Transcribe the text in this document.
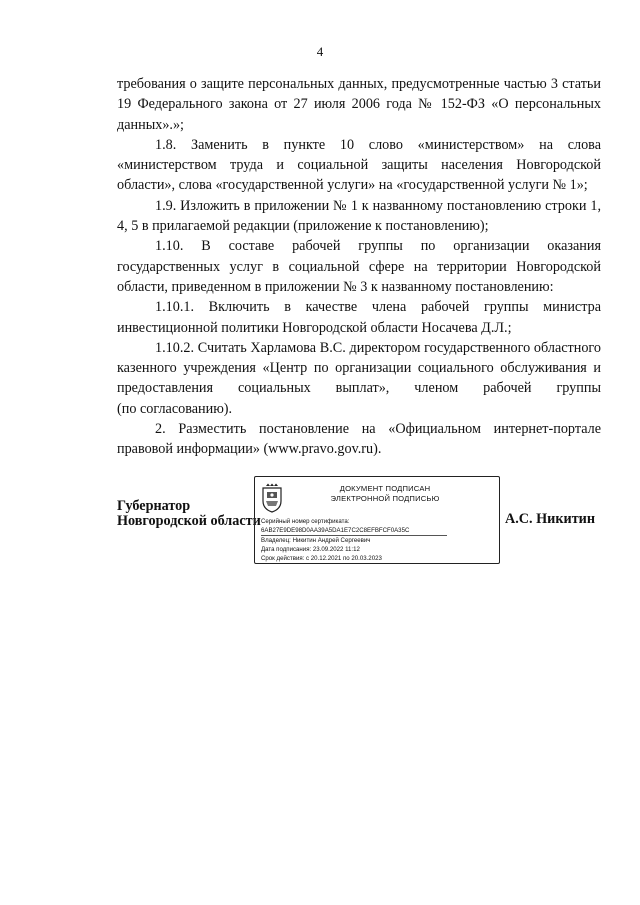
4

требования о защите персональных данных, предусмотренные частью 3 статьи 19 Федерального закона от 27 июля 2006 года № 152-ФЗ «О персональных данных».»;

1.8. Заменить в пункте 10 слово «министерством» на слова «министерством труда и социальной защиты населения Новгородской области», слова «государственной услуги» на «государственной услуги № 1»;

1.9. Изложить в приложении № 1 к названному постановлению строки 1, 4, 5 в прилагаемой редакции (приложение к постановлению);

1.10. В составе рабочей группы по организации оказания государственных услуг в социальной сфере на территории Новгородской области, приведенном в приложении № 3 к названному постановлению:

1.10.1. Включить в качестве члена рабочей группы министра инвестиционной политики Новгородской области Носачева Д.Л.;

1.10.2. Считать Харламова В.С. директором государственного областного казенного учреждения «Центр по организации социального обслуживания и предоставления социальных выплат», членом рабочей группы

(по согласованию).

2. Разместить постановление на «Официальном интернет-портале правовой информации» (www.pravo.gov.ru).

Губернатор
Новгородской области
ДОКУМЕНТ ПОДПИСАН
ЭЛЕКТРОННОЙ ПОДПИСЬЮ
Серийный номер сертификата:
6AB27E9DE98D0AA39A5DA1E7C2C8EFBFCF0A35C
Владелец: Никитин Андрей Сергеевич
Дата подписания: 23.09.2022 11:12
Срок действия: с 20.12.2021 по 20.03.2023
А.С. Никитин
